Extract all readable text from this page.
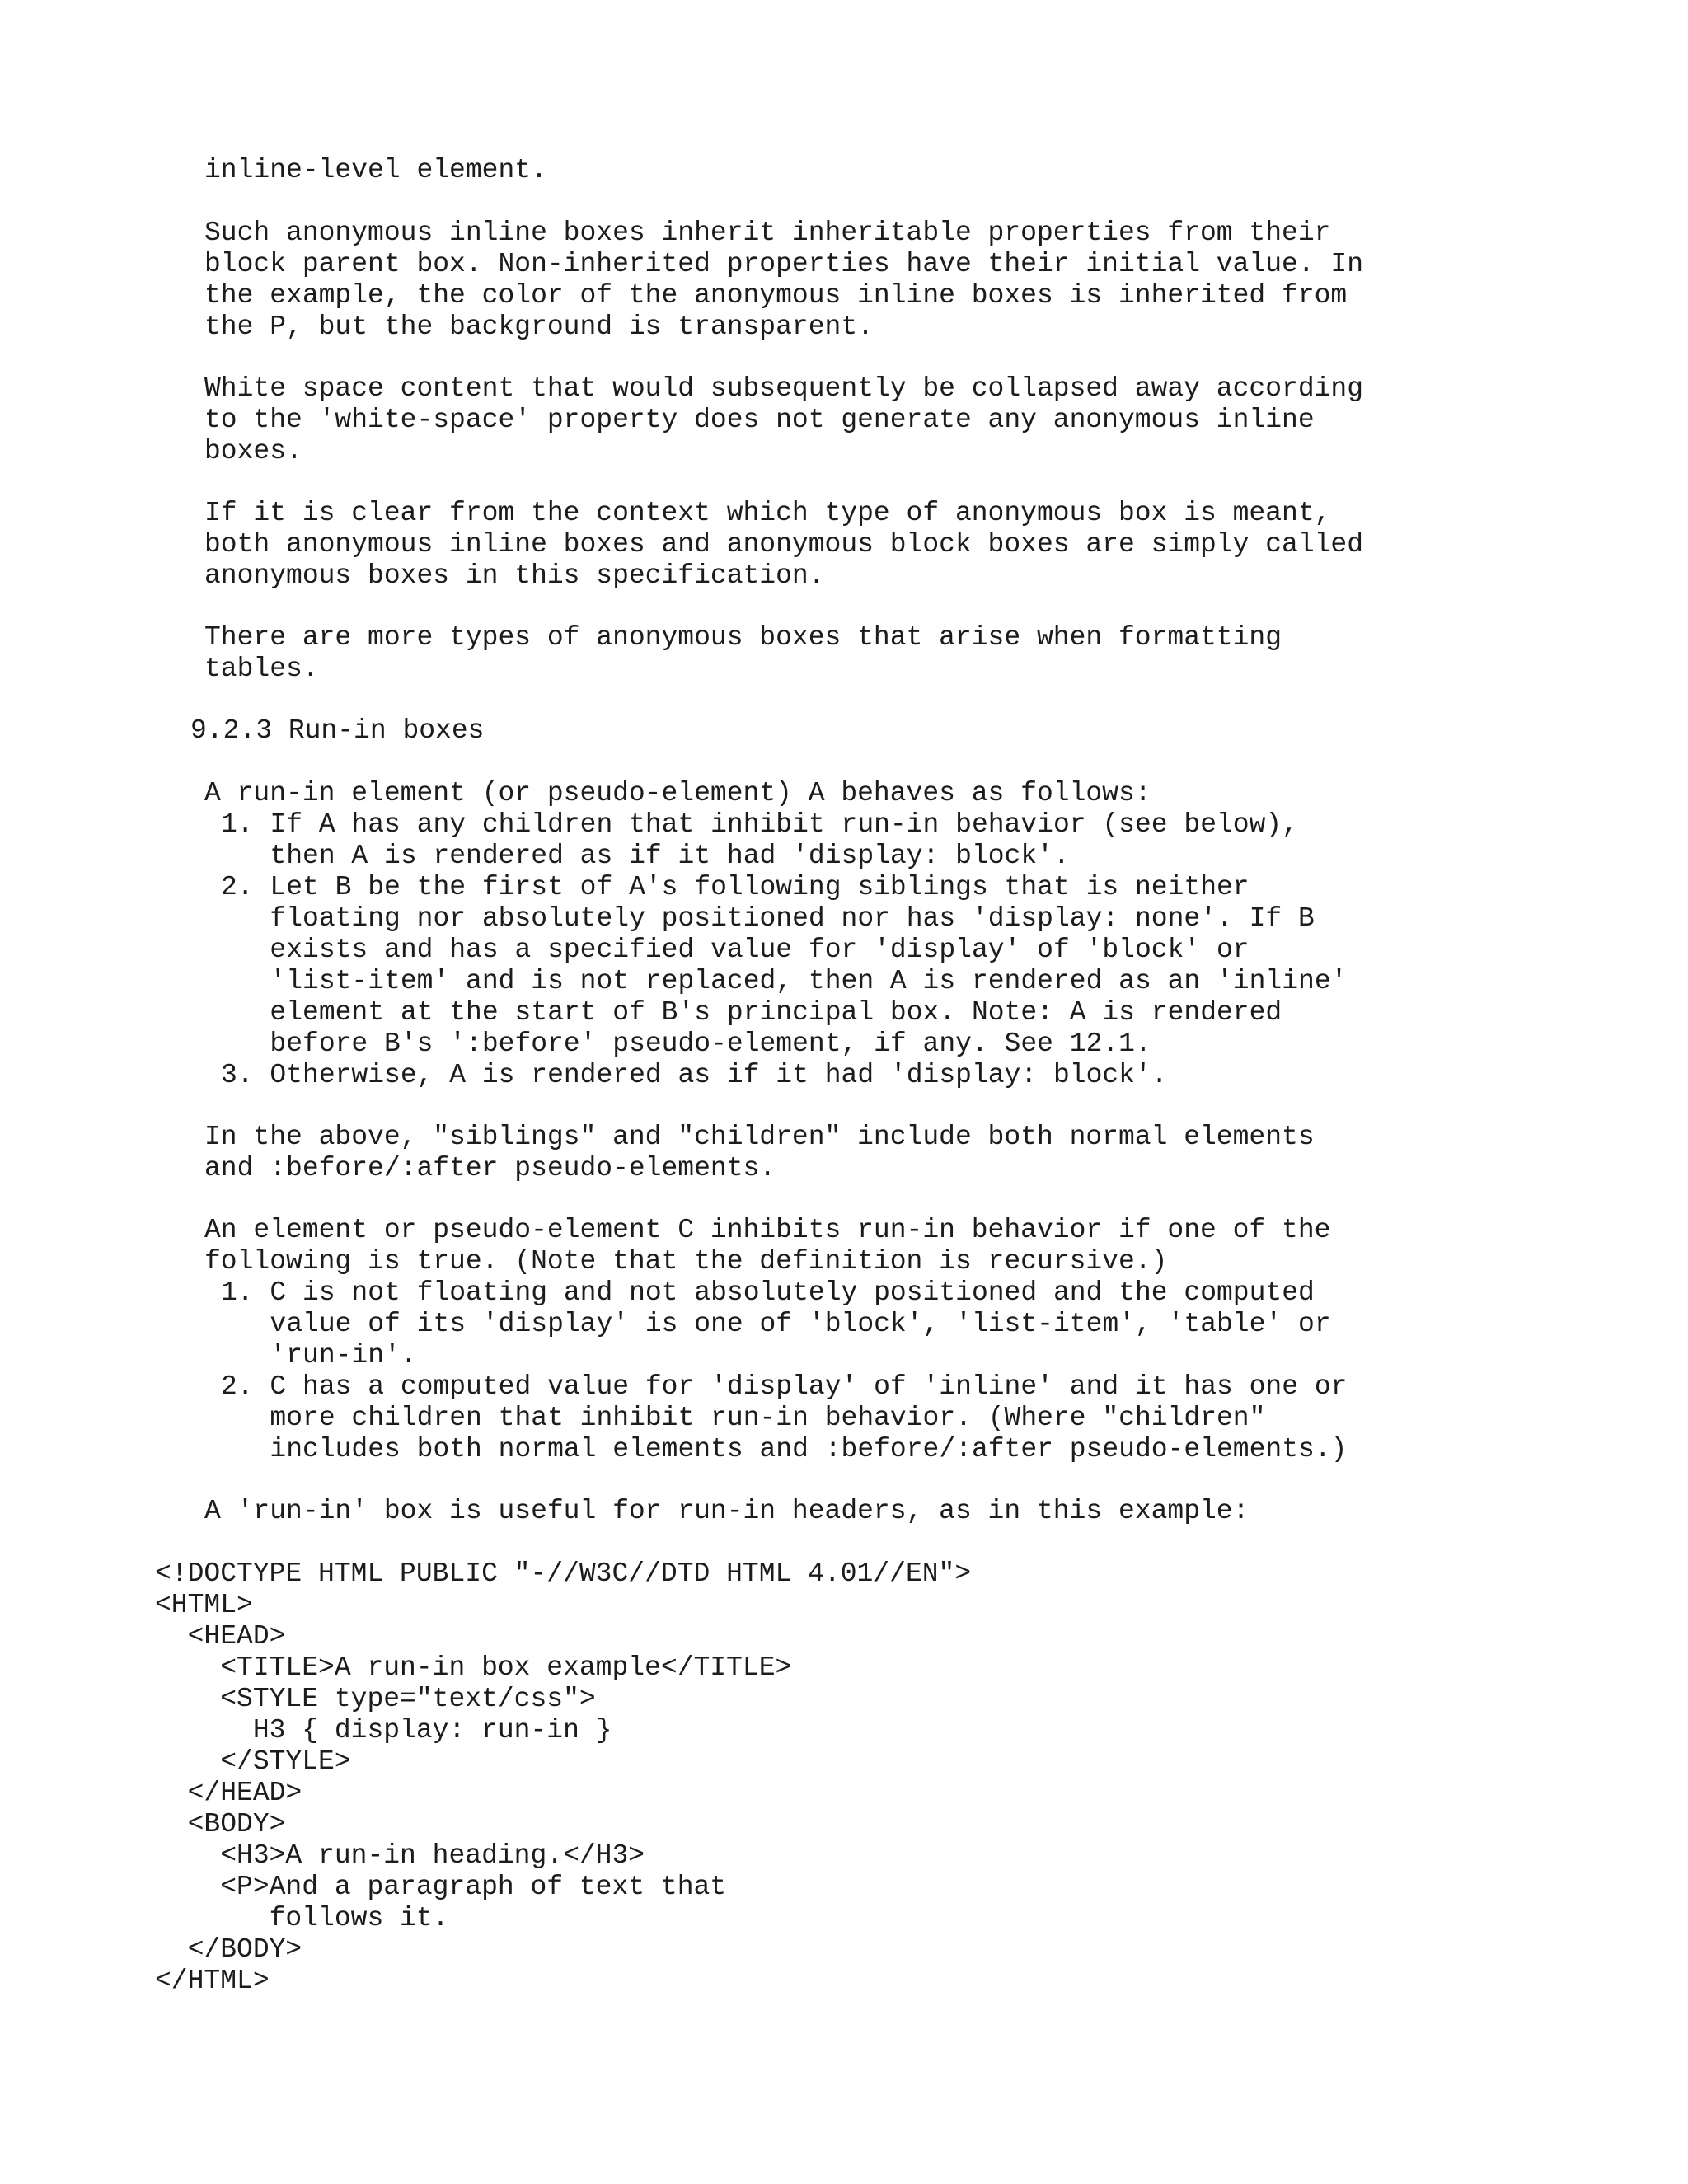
inline-level element.
Such anonymous inline boxes inherit inheritable properties from their
block parent box. Non-inherited properties have their initial value. In
the example, the color of the anonymous inline boxes is inherited from
the P, but the background is transparent.
White space content that would subsequently be collapsed away according
to the 'white-space' property does not generate any anonymous inline
boxes.
If it is clear from the context which type of anonymous box is meant,
both anonymous inline boxes and anonymous block boxes are simply called
anonymous boxes in this specification.
There are more types of anonymous boxes that arise when formatting
tables.
9.2.3 Run-in boxes
A run-in element (or pseudo-element) A behaves as follows:
1. If A has any children that inhibit run-in behavior (see below),
then A is rendered as if it had 'display: block'.
2. Let B be the first of A's following siblings that is neither
floating nor absolutely positioned nor has 'display: none'. If B
exists and has a specified value for 'display' of 'block' or
'list-item' and is not replaced, then A is rendered as an 'inline'
element at the start of B's principal box. Note: A is rendered
before B's ':before' pseudo-element, if any. See 12.1.
3. Otherwise, A is rendered as if it had 'display: block'.
In the above, "siblings" and "children" include both normal elements
and :before/:after pseudo-elements.
An element or pseudo-element C inhibits run-in behavior if one of the
following is true. (Note that the definition is recursive.)
1. C is not floating and not absolutely positioned and the computed
value of its 'display' is one of 'block', 'list-item', 'table' or
'run-in'.
2. C has a computed value for 'display' of 'inline' and it has one or
more children that inhibit run-in behavior. (Where "children"
includes both normal elements and :before/:after pseudo-elements.)
A 'run-in' box is useful for run-in headers, as in this example:
<!DOCTYPE HTML PUBLIC "-//W3C//DTD HTML 4.01//EN">
<HTML>
<HEAD>
<TITLE>A run-in box example</TITLE>
<STYLE type="text/css">
H3 { display: run-in }
</STYLE>
</HEAD>
<BODY>
<H3>A run-in heading.</H3>
<P>And a paragraph of text that
follows it.
</BODY>
</HTML>
